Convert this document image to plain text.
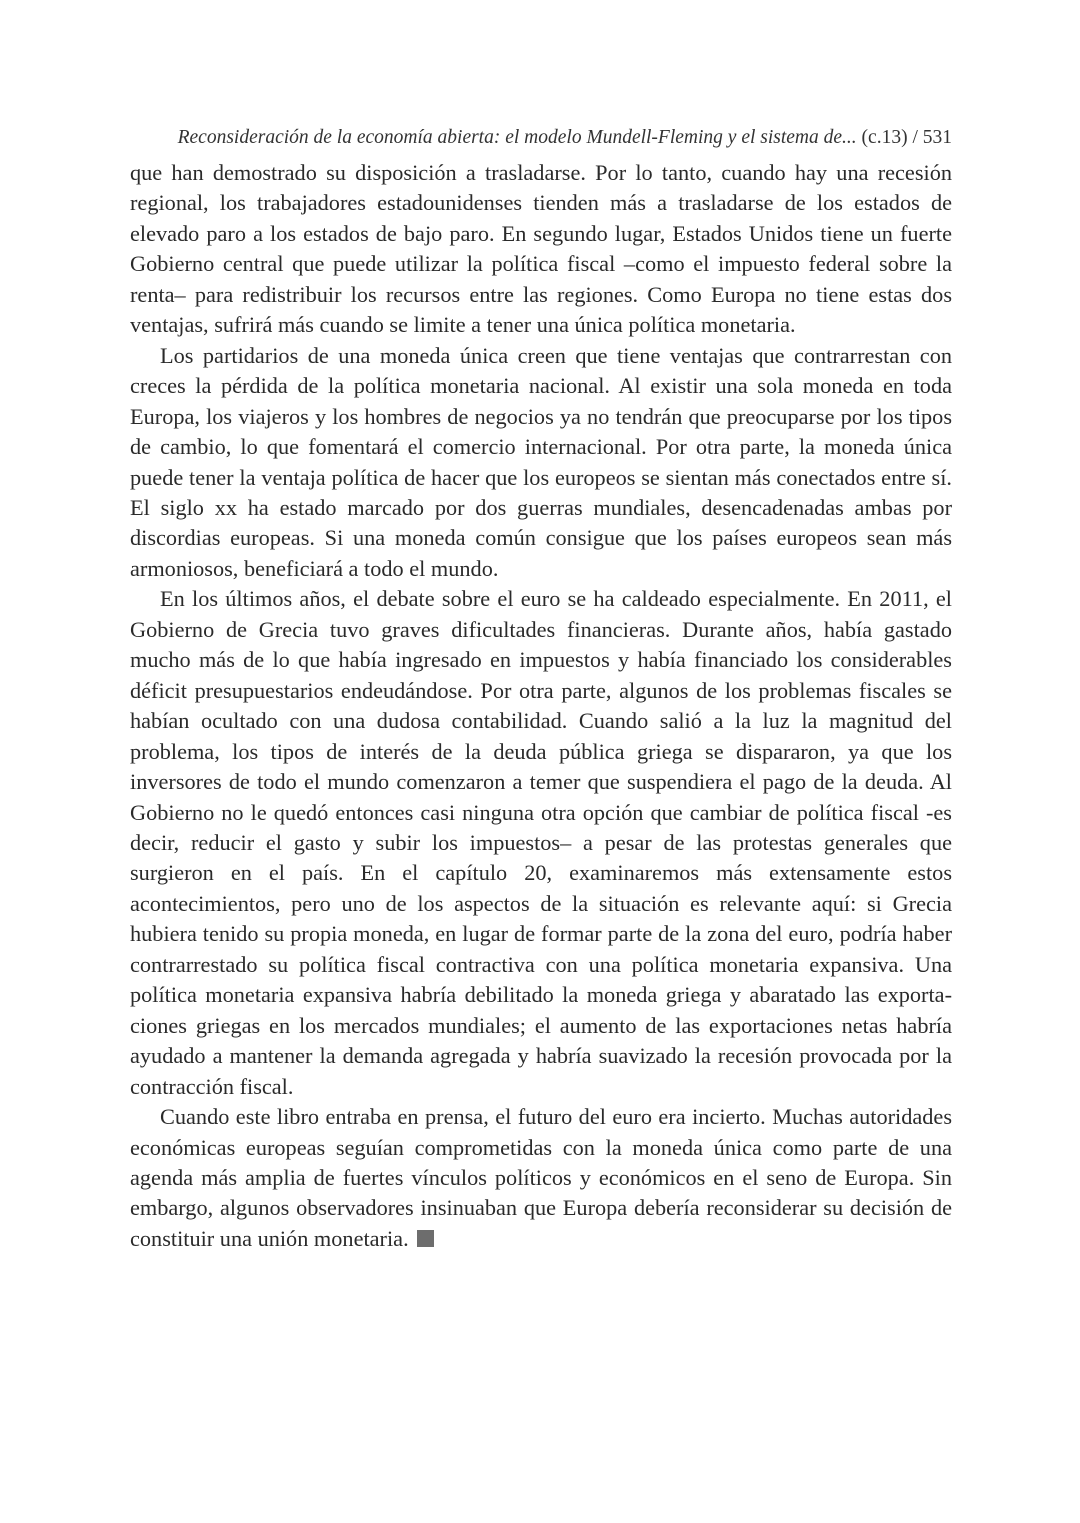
Reconsideración de la economía abierta: el modelo Mundell-Fleming y el sistema de... (c.13) / 531

que han demostrado su disposición a trasladarse. Por lo tanto, cuando hay una recesión regional, los trabajadores estadounidenses tienden más a trasladarse de los estados de elevado paro a los estados de bajo paro. En segundo lugar, Estados Unidos tiene un fuerte Gobierno central que puede utilizar la política fiscal –como el impuesto federal sobre la renta– para redistribuir los recursos entre las regiones. Como Europa no tiene estas dos ventajas, sufrirá más cuando se limite a tener una única política monetaria.

Los partidarios de una moneda única creen que tiene ventajas que contrarrestan con creces la pérdida de la política monetaria nacional. Al existir una sola moneda en toda Europa, los viajeros y los hombres de negocios ya no tendrán que preocuparse por los tipos de cambio, lo que fomentará el comercio internacional. Por otra parte, la moneda única puede tener la ventaja política de hacer que los europeos se sientan más conectados entre sí. El siglo xx ha estado marcado por dos guerras mundiales, desencadenadas ambas por discordias europeas. Si una moneda común consigue que los países europeos sean más armoniosos, beneficiará a todo el mundo.

En los últimos años, el debate sobre el euro se ha caldeado especialmente. En 2011, el Gobierno de Grecia tuvo graves dificultades financieras. Durante años, había gastado mucho más de lo que había ingresado en impuestos y había financiado los considerables déficit presupuestarios endeudándose. Por otra parte, algunos de los problemas fiscales se habían ocultado con una dudosa contabilidad. Cuando salió a la luz la magnitud del problema, los tipos de interés de la deuda pública griega se dispararon, ya que los inversores de todo el mundo comenzaron a temer que suspendiera el pago de la deuda. Al Gobierno no le quedó entonces casi ninguna otra opción que cambiar de política fiscal -es decir, reducir el gasto y subir los impuestos– a pesar de las protestas generales que surgieron en el país. En el capítulo 20, examinaremos más extensamente estos acontecimientos, pero uno de los aspectos de la situación es relevante aquí: si Grecia hubiera tenido su propia moneda, en lugar de formar parte de la zona del euro, podría haber contrarrestado su política fiscal contractiva con una política monetaria expansiva. Una política monetaria expansiva habría debilitado la moneda griega y abaratado las exportaciones griegas en los mercados mundiales; el aumento de las exportaciones netas habría ayudado a mantener la demanda agregada y habría suavizado la recesión provocada por la contracción fiscal.

Cuando este libro entraba en prensa, el futuro del euro era incierto. Muchas autoridades económicas europeas seguían comprometidas con la moneda única como parte de una agenda más amplia de fuertes vínculos políticos y económicos en el seno de Europa. Sin embargo, algunos observadores insinuaban que Europa debería reconsiderar su decisión de constituir una unión monetaria.
